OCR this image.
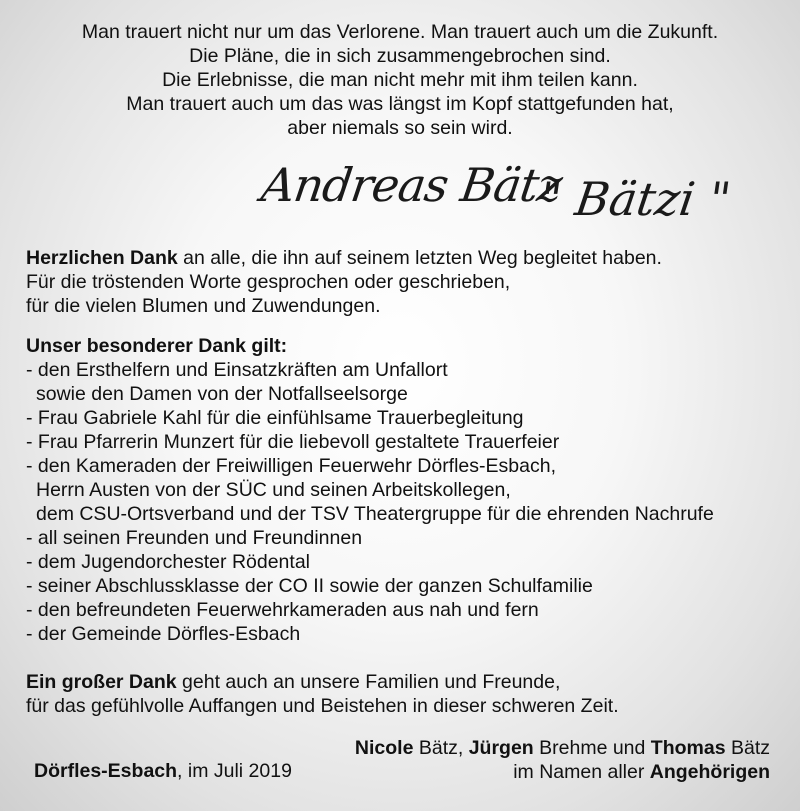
Man trauert nicht nur um das Verlorene. Man trauert auch um die Zukunft.
Die Pläne, die in sich zusammengebrochen sind.
Die Erlebnisse, die man nicht mehr mit ihm teilen kann.
Man trauert auch um das was längst im Kopf stattgefunden hat,
aber niemals so sein wird.
Andreas Bätz
" Bätzi "
Herzlichen Dank an alle, die ihn auf seinem letzten Weg begleitet haben.
Für die tröstenden Worte gesprochen oder geschrieben,
für die vielen Blumen und Zuwendungen.
Unser besonderer Dank gilt:
- den Ersthelfern und Einsatzkräften am Unfallort
sowie den Damen von der Notfallseelsorge
- Frau Gabriele Kahl für die einfühlsame Trauerbegleitung
- Frau Pfarrerin Munzert für die liebevoll gestaltete Trauerfeier
- den Kameraden der Freiwilligen Feuerwehr Dörfles-Esbach,
Herrn Austen von der SÜC und seinen Arbeitskollegen,
dem CSU-Ortsverband und der TSV Theatergruppe für die ehrenden Nachrufe
- all seinen Freunden und Freundinnen
- dem Jugendorchester Rödental
- seiner Abschlussklasse der CO II sowie der ganzen Schulfamilie
- den befreundeten Feuerwehrkameraden aus nah und fern
- der Gemeinde Dörfles-Esbach
Ein großer Dank geht auch an unsere Familien und Freunde,
für das gefühlvolle Auffangen und Beistehen in dieser schweren Zeit.
Dörfles-Esbach, im Juli 2019
Nicole Bätz, Jürgen Brehme und Thomas Bätz
im Namen aller Angehörigen
